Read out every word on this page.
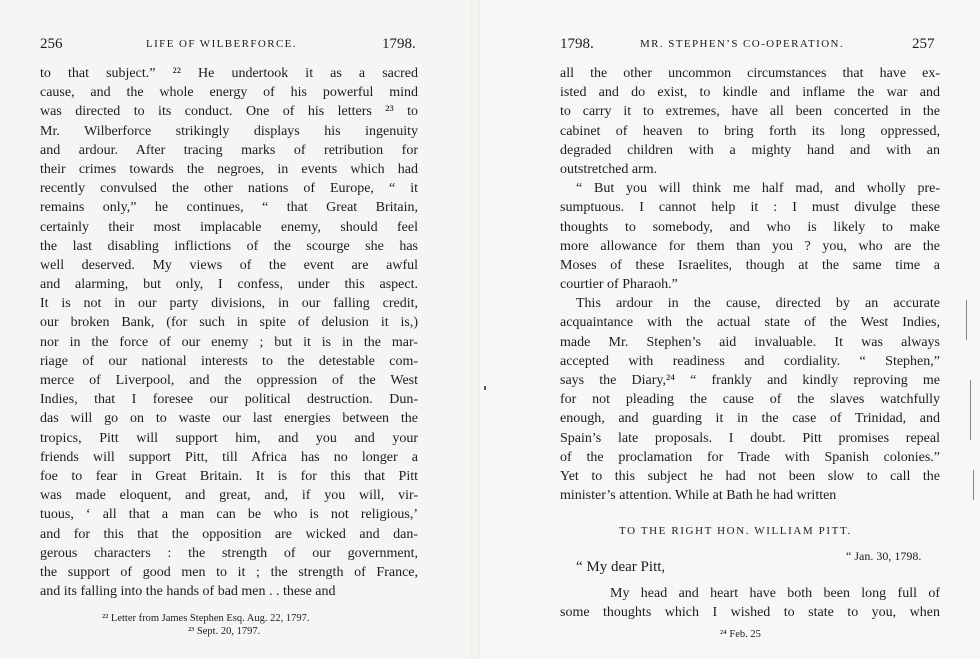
256	LIFE OF WILBERFORCE.	1798.
to that subject.” ²² He undertook it as a sacred
cause, and the whole energy of his powerful mind
was directed to its conduct. One of his letters ²³ to
Mr. Wilberforce strikingly displays his ingenuity
and ardour. After tracing marks of retribution for
their crimes towards the negroes, in events which had
recently convulsed the other nations of Europe, “ it
remains only,” he continues, “ that Great Britain,
certainly their most implacable enemy, should feel
the last disabling inflictions of the scourge she has
well deserved. My views of the event are awful
and alarming, but only, I confess, under this aspect.
It is not in our party divisions, in our falling credit,
our broken Bank, (for such in spite of delusion it is,)
nor in the force of our enemy ; but it is in the mar-
riage of our national interests to the detestable com-
merce of Liverpool, and the oppression of the West
Indies, that I foresee our political destruction. Dun-
das will go on to waste our last energies between the
tropics, Pitt will support him, and you and your
friends will support Pitt, till Africa has no longer a
foe to fear in Great Britain. It is for this that Pitt
was made eloquent, and great, and, if you will, vir-
tuous, ‘ all that a man can be who is not religious,’
and for this that the opposition are wicked and dan-
gerous characters : the strength of our government,
the support of good men to it ; the strength of France,
and its falling into the hands of bad men . . these and
²² Letter from James Stephen Esq. Aug. 22, 1797.
²³ Sept. 20, 1797.
1798.	MR. STEPHEN’S CO-OPERATION.	257
all the other uncommon circumstances that have ex-
isted and do exist, to kindle and inflame the war and
to carry it to extremes, have all been concerted in the
cabinet of heaven to bring forth its long oppressed,
degraded children with a mighty hand and with an
outstretched arm.
“ But you will think me half mad, and wholly pre-
sumptuous. I cannot help it : I must divulge these
thoughts to somebody, and who is likely to make
more allowance for them than you ? you, who are the
Moses of these Israelites, though at the same time a
courtier of Pharaoh.”
This ardour in the cause, directed by an accurate
acquaintance with the actual state of the West Indies,
made Mr. Stephen’s aid invaluable. It was always
accepted with readiness and cordiality. “ Stephen,”
says the Diary,²⁴ “ frankly and kindly reproving me
for not pleading the cause of the slaves watchfully
enough, and guarding it in the case of Trinidad, and
Spain’s late proposals. I doubt. Pitt promises repeal
of the proclamation for Trade with Spanish colonies.”
Yet to this subject he had not been slow to call the
minister’s attention. While at Bath he had written
TO THE RIGHT HON. WILLIAM PITT.
“ Jan. 30, 1798.
“ My dear Pitt,
My head and heart have both been long full of
some thoughts which I wished to state to you, when
²⁴ Feb. 25
